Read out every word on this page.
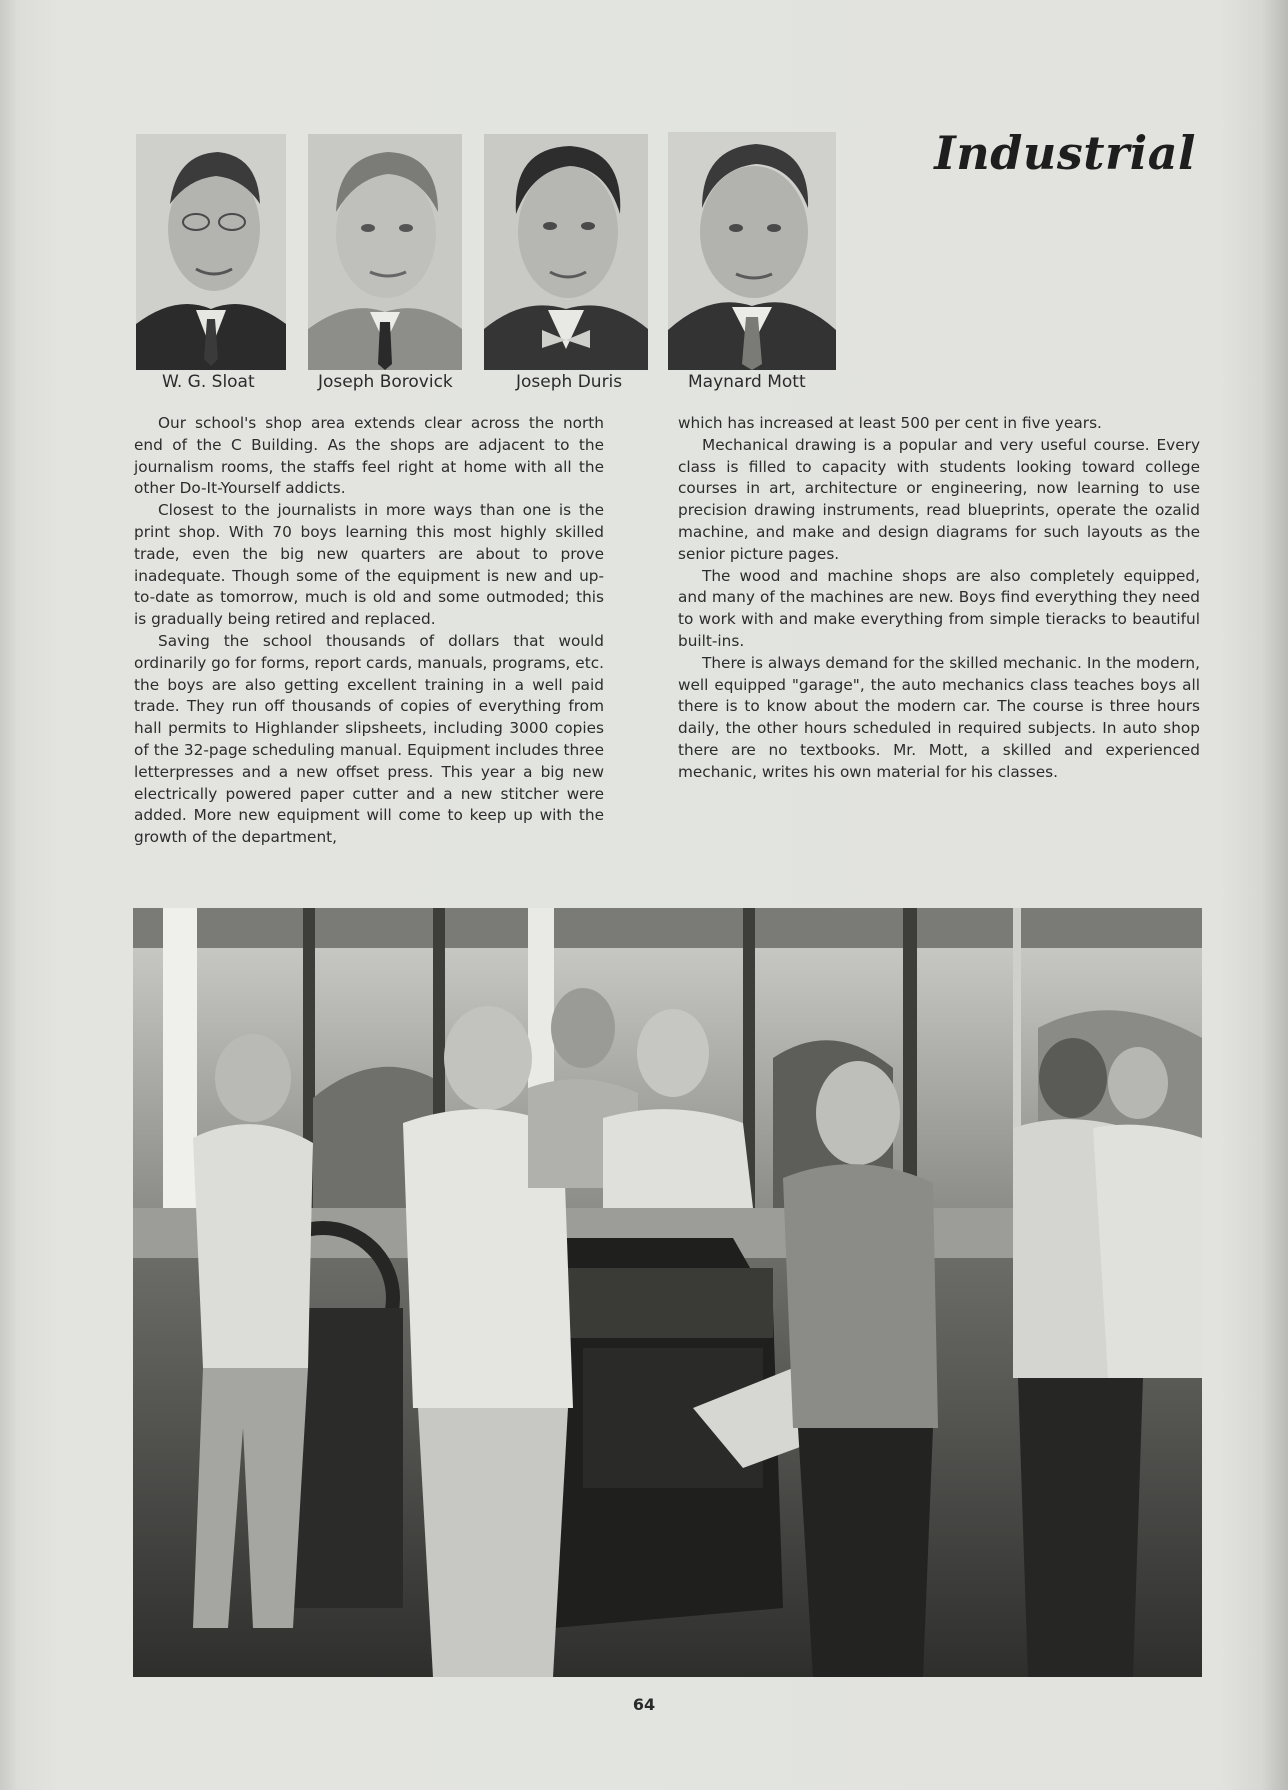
Industrial
W. G. Sloat	Joseph Borovick	Joseph Duris	Maynard Mott

Our school's shop area extends clear across the north end of the C Building. As the shops are adjacent to the journalism rooms, the staffs feel right at home with all the other Do-It-Yourself addicts.

Closest to the journalists in more ways than one is the print shop. With 70 boys learning this most highly skilled trade, even the big new quarters are about to prove inadequate. Though some of the equipment is new and up-to-date as tomorrow, much is old and some outmoded; this is gradually being retired and replaced.

Saving the school thousands of dollars that would ordinarily go for forms, report cards, manuals, programs, etc. the boys are also getting excellent training in a well paid trade. They run off thousands of copies of everything from hall permits to Highlander slipsheets, including 3000 copies of the 32-page scheduling manual. Equipment includes three letterpresses and a new offset press. This year a big new electrically powered paper cutter and a new stitcher were added. More new equipment will come to keep up with the growth of the department,

which has increased at least 500 per cent in five years.

Mechanical drawing is a popular and very useful course. Every class is filled to capacity with students looking toward college courses in art, architecture or engineering, now learning to use precision drawing instruments, read blueprints, operate the ozalid machine, and make and design diagrams for such layouts as the senior picture pages.

The wood and machine shops are also completely equipped, and many of the machines are new. Boys find everything they need to work with and make everything from simple tieracks to beautiful built-ins.

There is always demand for the skilled mechanic. In the modern, well equipped "garage", the auto mechanics class teaches boys all there is to know about the modern car. The course is three hours daily, the other hours scheduled in required subjects. In auto shop there are no textbooks. Mr. Mott, a skilled and experienced mechanic, writes his own material for his classes.

64
